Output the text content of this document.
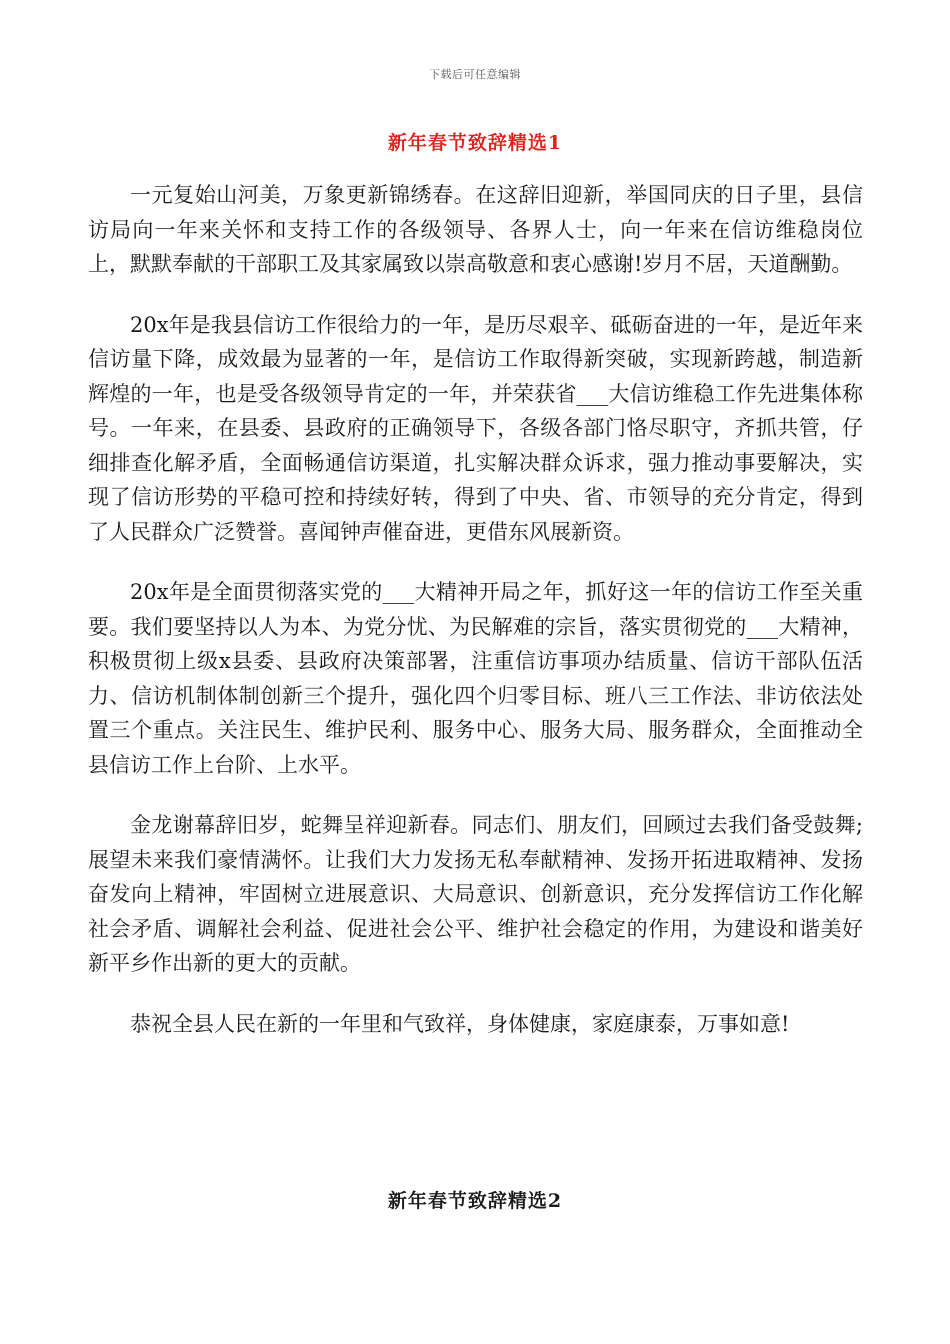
下载后可任意编辑
新年春节致辞精选1

一元复始山河美，万象更新锦绣春。在这辞旧迎新，举国同庆的日子里，县信访局向一年来关怀和支持工作的各级领导、各界人士，向一年来在信访维稳岗位上，默默奉献的干部职工及其家属致以崇高敬意和衷心感谢!岁月不居，天道酬勤。

20x年是我县信访工作很给力的一年，是历尽艰辛、砥砺奋进的一年，是近年来信访量下降，成效最为显著的一年，是信访工作取得新突破，实现新跨越，制造新辉煌的一年，也是受各级领导肯定的一年，并荣获省___大信访维稳工作先进集体称号。一年来，在县委、县政府的正确领导下，各级各部门恪尽职守，齐抓共管，仔细排查化解矛盾，全面畅通信访渠道，扎实解决群众诉求，强力推动事要解决，实现了信访形势的平稳可控和持续好转，得到了中央、省、市领导的充分肯定，得到了人民群众广泛赞誉。喜闻钟声催奋进，更借东风展新资。

20x年是全面贯彻落实党的___大精神开局之年，抓好这一年的信访工作至关重要。我们要坚持以人为本、为党分忧、为民解难的宗旨，落实贯彻党的___大精神，积极贯彻上级x县委、县政府决策部署，注重信访事项办结质量、信访干部队伍活力、信访机制体制创新三个提升，强化四个归零目标、班八三工作法、非访依法处置三个重点。关注民生、维护民利、服务中心、服务大局、服务群众，全面推动全县信访工作上台阶、上水平。

金龙谢幕辞旧岁，蛇舞呈祥迎新春。同志们、朋友们，回顾过去我们备受鼓舞;展望未来我们豪情满怀。让我们大力发扬无私奉献精神、发扬开拓进取精神、发扬奋发向上精神，牢固树立进展意识、大局意识、创新意识，充分发挥信访工作化解社会矛盾、调解社会利益、促进社会公平、维护社会稳定的作用，为建设和谐美好新平乡作出新的更大的贡献。

恭祝全县人民在新的一年里和气致祥，身体健康，家庭康泰，万事如意!

新年春节致辞精选2
